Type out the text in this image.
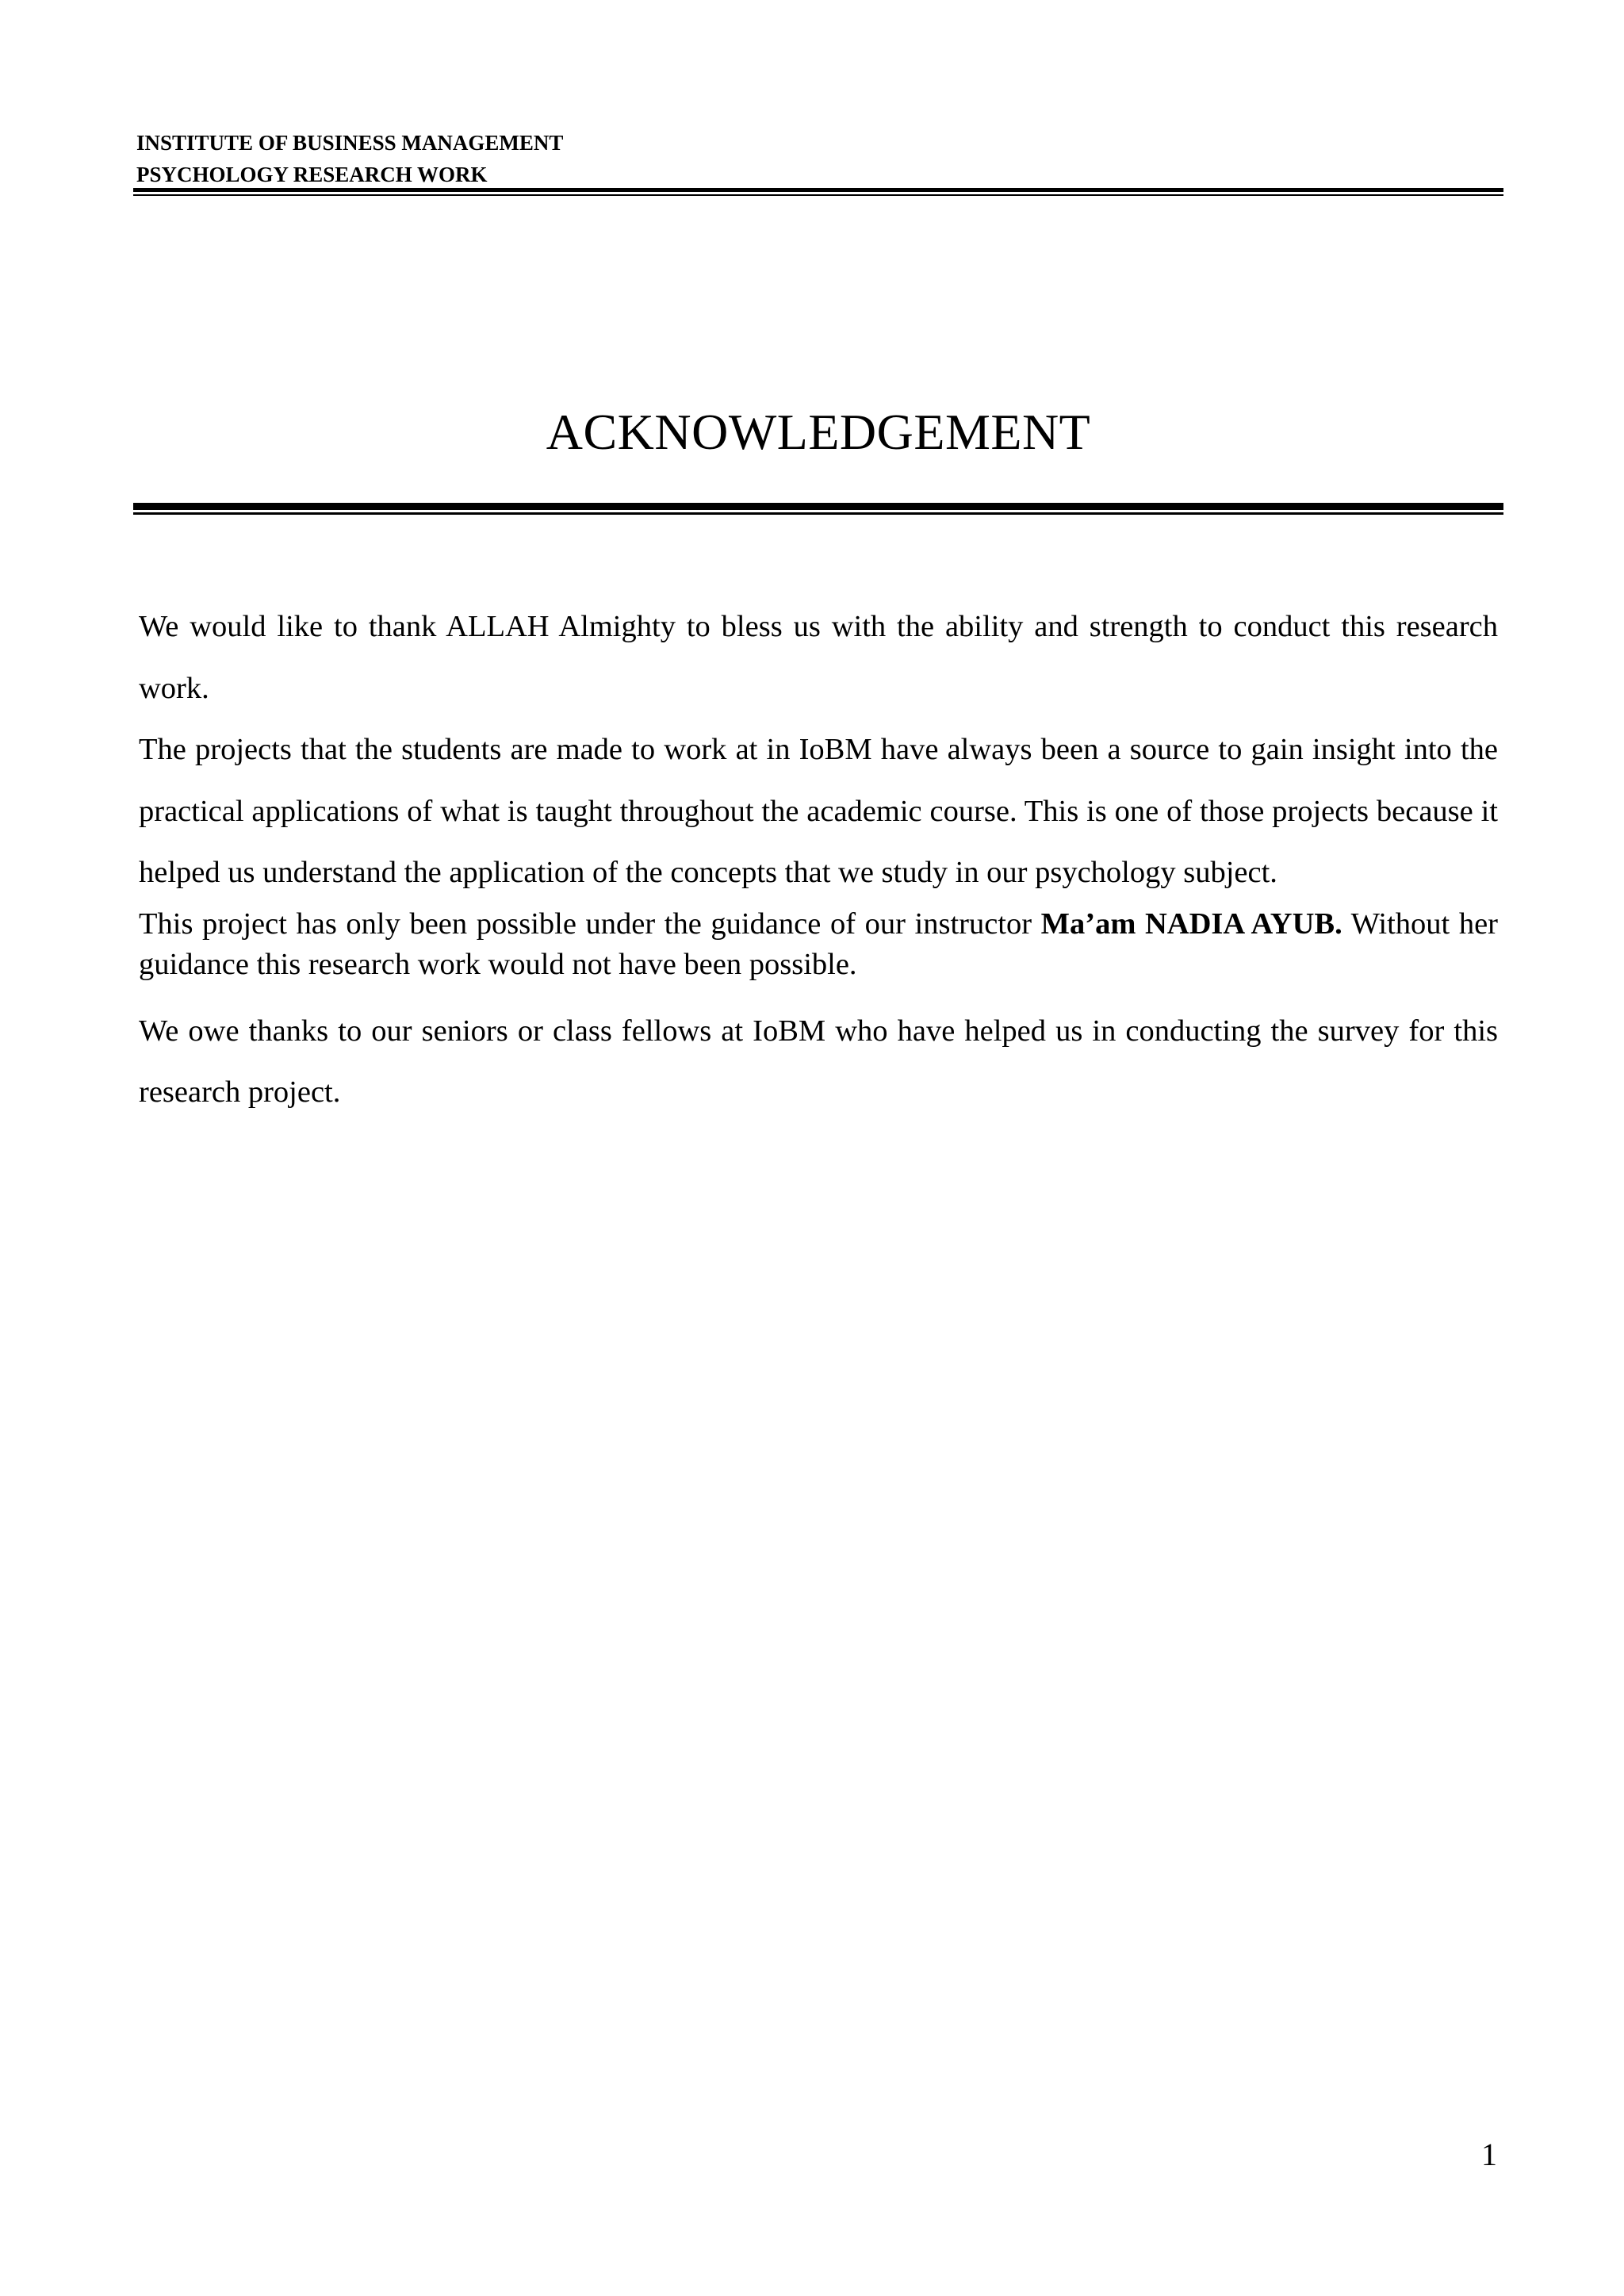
INSTITUTE OF BUSINESS MANAGEMENT
PSYCHOLOGY RESEARCH WORK
ACKNOWLEDGEMENT

We would like to thank ALLAH Almighty to bless us with the ability and strength to conduct this research work.

The projects that the students are made to work at in IoBM have always been a source to gain insight into the practical applications of what is taught throughout the academic course. This is one of those projects because it helped us understand the application of the concepts that we study in our psychology subject.

This project has only been possible under the guidance of our instructor Ma’am NADIA AYUB. Without her guidance this research work would not have been possible.

We owe thanks to our seniors or class fellows at IoBM who have helped us in conducting the survey for this research project.

1
